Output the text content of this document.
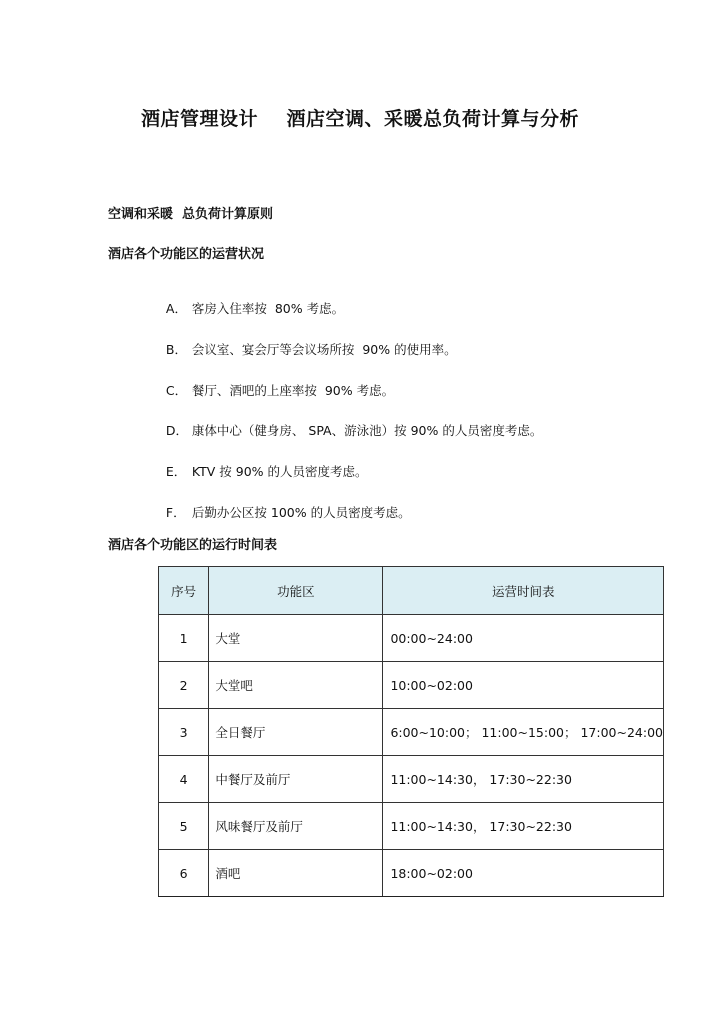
酒店管理设计    酒店空调、采暖总负荷计算与分析
空调和采暖  总负荷计算原则
酒店各个功能区的运营状况

A． 客房入住率按  80% 考虑。

B． 会议室、宴会厅等会议场所按  90% 的使用率。

C． 餐厅、酒吧的上座率按  90% 考虑。

D． 康体中心（健身房、 SPA、游泳池）按 90% 的人员密度考虑。

E． KTV 按 90% 的人员密度考虑。

F． 后勤办公区按 100% 的人员密度考虑。

酒店各个功能区的运行时间表
序号	功能区	运营时间表
1	大堂	00:00~24:00
2	大堂吧	10:00~02:00
3	全日餐厅	6:00~10:00； 11:00~15:00； 17:00~24:00
4	中餐厅及前厅	11:00~14:30， 17:30~22:30
5	风味餐厅及前厅	11:00~14:30， 17:30~22:30
6	酒吧	18:00~02:00
